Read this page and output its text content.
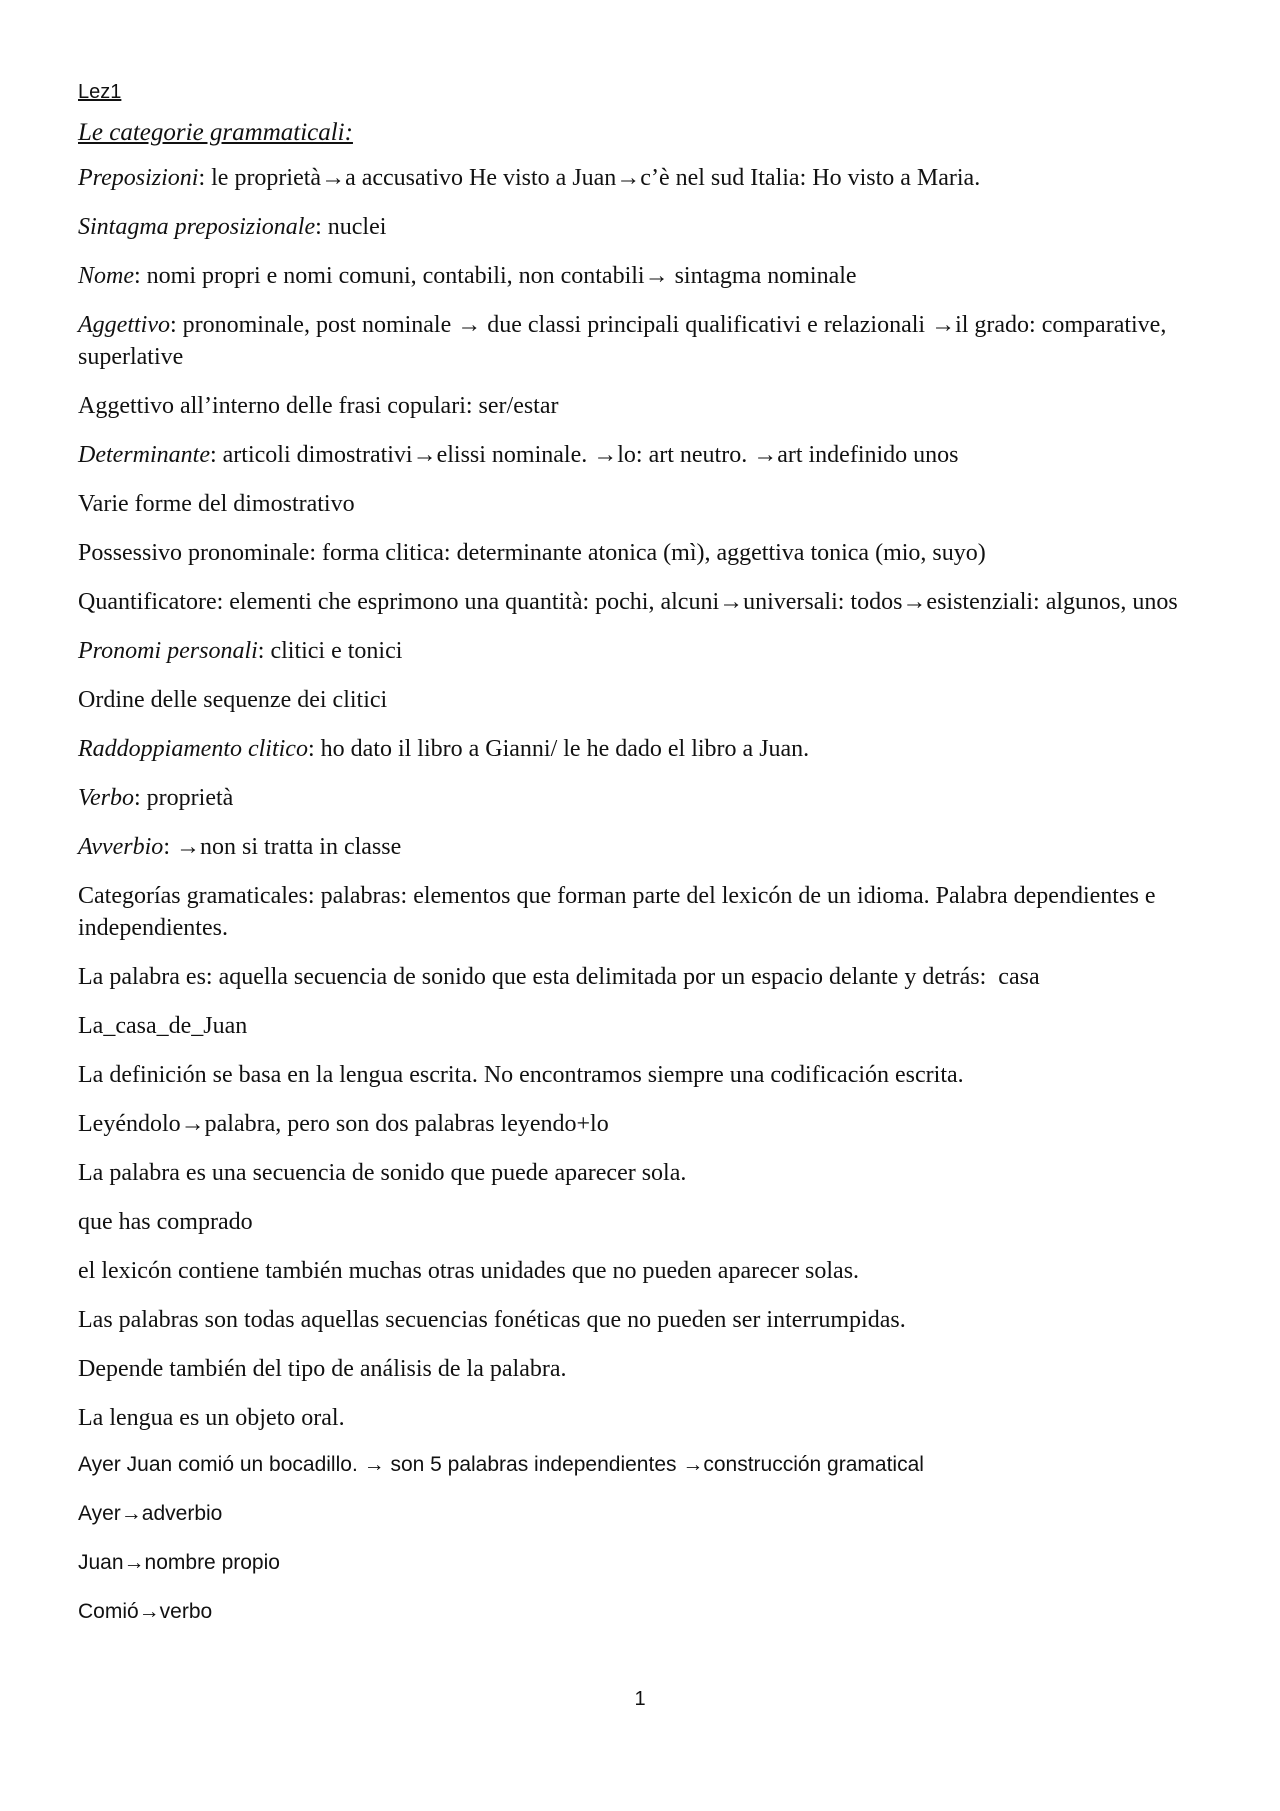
Lez1
Le categorie grammaticali:

Preposizioni: le proprietà→a accusativo He visto a Juan→c’è nel sud Italia: Ho visto a Maria.

Sintagma preposizionale: nuclei

Nome: nomi propri e nomi comuni, contabili, non contabili→ sintagma nominale

Aggettivo: pronominale, post nominale → due classi principali qualificativi e relazionali →il grado: comparative, superlative

Aggettivo all’interno delle frasi copulari: ser/estar

Determinante: articoli dimostrativi→elissi nominale. →lo: art neutro. →art indefinido unos

Varie forme del dimostrativo

Possessivo pronominale: forma clitica: determinante atonica (mì), aggettiva tonica (mio, suyo)

Quantificatore: elementi che esprimono una quantità: pochi, alcuni→universali: todos→esistenziali: algunos, unos

Pronomi personali: clitici e tonici

Ordine delle sequenze dei clitici

Raddoppiamento clitico: ho dato il libro a Gianni/ le he dado el libro a Juan.

Verbo: proprietà

Avverbio: →non si tratta in classe

Categorías gramaticales: palabras: elementos que forman parte del lexicón de un idioma. Palabra dependientes e independientes.

La palabra es: aquella secuencia de sonido que esta delimitada por un espacio delante y detrás:  casa

La_casa_de_Juan

La definición se basa en la lengua escrita. No encontramos siempre una codificación escrita.

Leyéndolo→palabra, pero son dos palabras leyendo+lo

La palabra es una secuencia de sonido que puede aparecer sola.

que has comprado

el lexicón contiene también muchas otras unidades que no pueden aparecer solas.

Las palabras son todas aquellas secuencias fonéticas que no pueden ser interrumpidas.

Depende también del tipo de análisis de la palabra.

La lengua es un objeto oral.

Ayer Juan comió un bocadillo. → son 5 palabras independientes →construcción gramatical

Ayer→adverbio

Juan→nombre propio

Comió→verbo

1
